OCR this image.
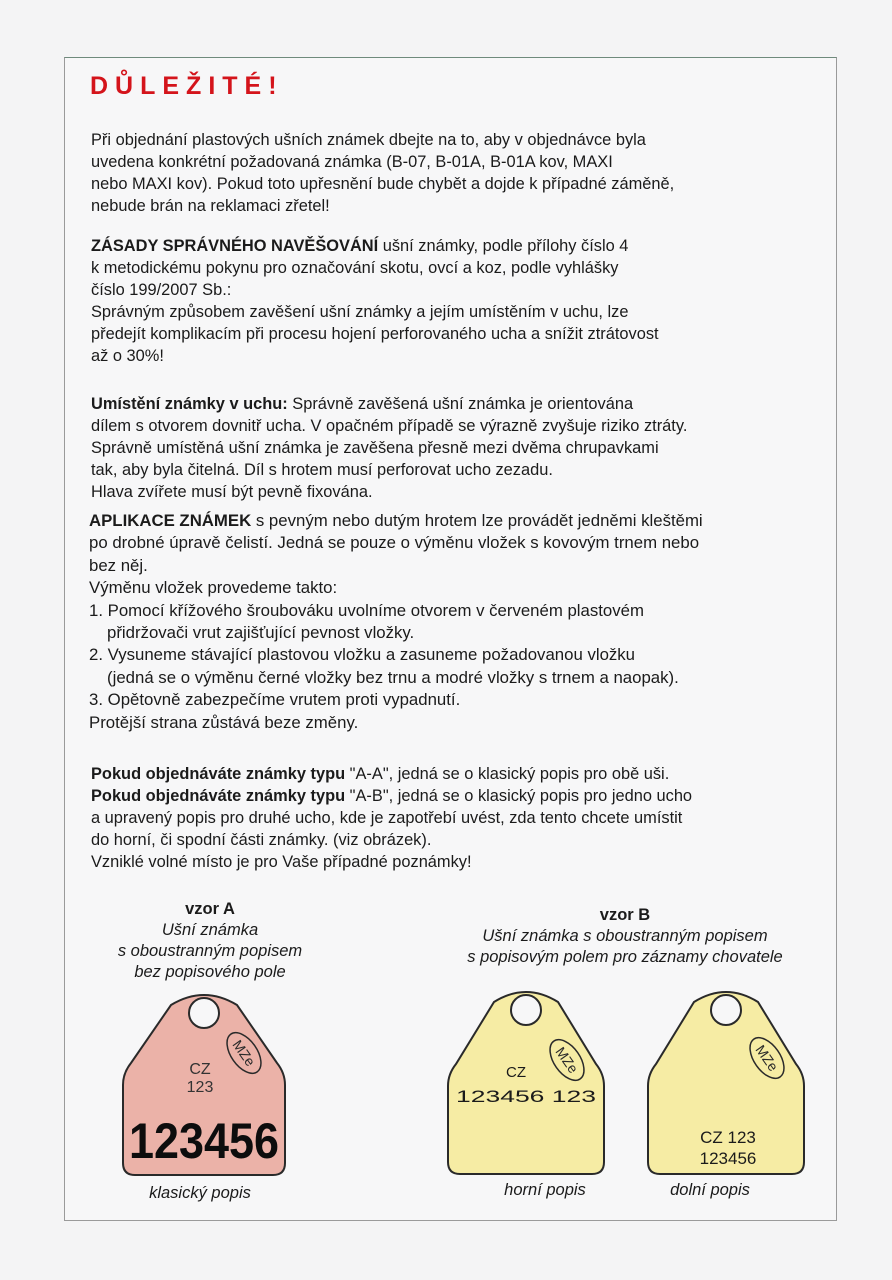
DŮLEŽITÉ!
Při objednání plastových ušních známek dbejte na to, aby v objednávce byla
uvedena konkrétní požadovaná známka (B-07, B-01A, B-01A kov, MAXI
nebo MAXI kov). Pokud toto upřesnění bude chybět a dojde k případné záměně,
nebude brán na reklamaci zřetel!
ZÁSADY SPRÁVNÉHO NAVĚŠOVÁNÍ ušní známky, podle přílohy číslo 4
k metodickému pokynu pro označování skotu, ovcí a koz, podle vyhlášky
číslo 199/2007 Sb.:
Správným způsobem zavěšení ušní známky a jejím umístěním v uchu, lze
předejít komplikacím při procesu hojení perforovaného ucha a snížit ztrátovost
až o 30%!
Umístění známky v uchu: Správně zavěšená ušní známka je orientována
dílem s otvorem dovnitř ucha. V opačném případě se výrazně zvyšuje riziko ztráty.
Správně umístěná ušní známka je zavěšena přesně mezi dvěma chrupavkami
tak, aby byla čitelná. Díl s hrotem musí perforovat ucho zezadu.
Hlava zvířete musí být pevně fixována.
APLIKACE ZNÁMEK s pevným nebo dutým hrotem lze provádět jedněmi kleštěmi
po drobné úpravě čelistí. Jedná se pouze o výměnu vložek s kovovým trnem nebo
bez něj.
Výměnu vložek provedeme takto:
1. Pomocí křížového šroubováku uvolníme otvorem v červeném plastovém
přidržovači vrut zajišťující pevnost vložky.
2. Vysuneme stávající plastovou vložku a zasuneme požadovanou vložku
(jedná se o výměnu černé vložky bez trnu a modré vložky s trnem a naopak).
3. Opětovně zabezpečíme vrutem proti vypadnutí.
Protější strana zůstává beze změny.
Pokud objednáváte známky typu "A-A", jedná se o klasický popis pro obě uši.
Pokud objednáváte známky typu "A-B", jedná se o klasický popis pro jedno ucho
a upravený popis pro druhé ucho, kde je zapotřebí uvést, zda tento chcete umístit
do horní, či spodní části známky. (viz obrázek).
Vzniklé volné místo je pro Vaše případné poznámky!
vzor A
Ušní známka
s oboustranným popisem
bez popisového pole
vzor B
Ušní známka s oboustranným popisem
s popisovým polem pro záznamy chovatele
MZe
CZ
123
123456
MZe
CZ
123456 123
MZe
CZ 123
123456
klasický popis	horní popis	dolní popis
